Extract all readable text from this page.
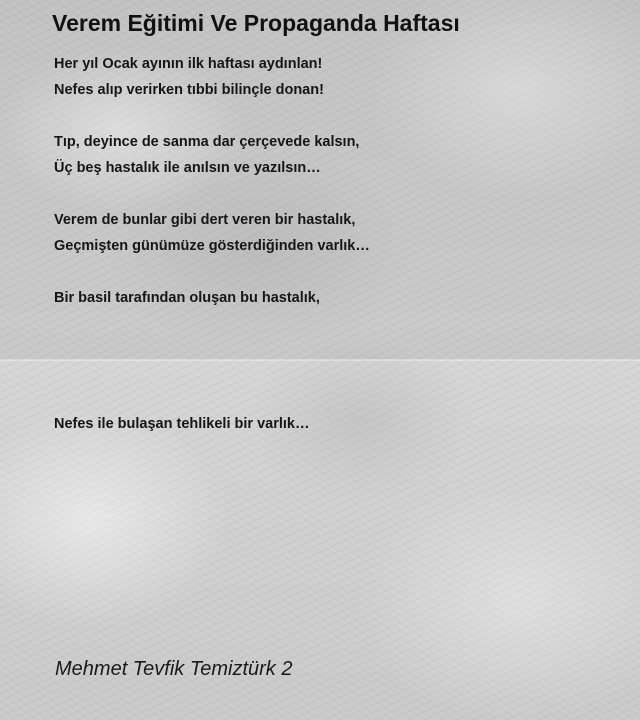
Verem Eğitimi Ve Propaganda Haftası
Her yıl Ocak ayının ilk haftası aydınlan!
Nefes alıp verirken tıbbi bilinçle donan!
Tıp, deyince de sanma dar çerçevede kalsın,
Üç beş hastalık ile anılsın ve yazılsın…
Verem de bunlar gibi dert veren bir hastalık,
Geçmişten günümüze gösterdiğinden varlık…
Bir basil tarafından oluşan bu hastalık,
Nefes ile bulaşan tehlikeli bir varlık…
Mehmet Tevfik Temiztürk 2
